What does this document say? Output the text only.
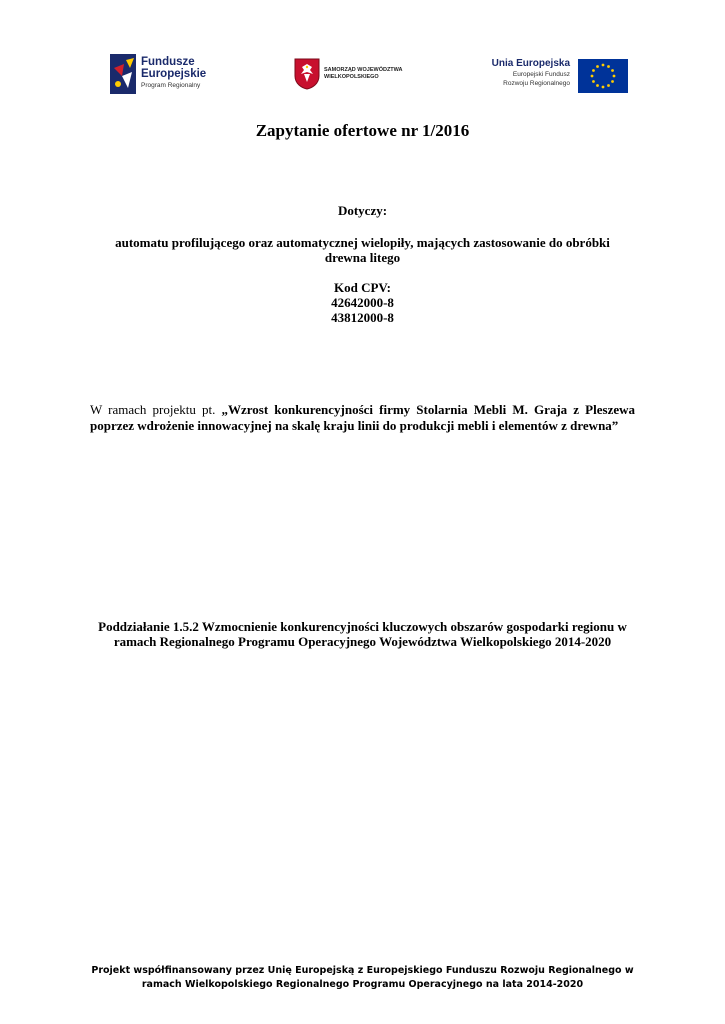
Fundusze
Europejskie
Program Regionalny
SAMORZĄD WOJEWÓDZTWA
WIELKOPOLSKIEGO
Unia Europejska
Europejski Fundusz
Rozwoju Regionalnego
Zapytanie ofertowe nr 1/2016
Dotyczy:
automatu profilującego oraz automatycznej wielopiły, mających zastosowanie do obróbki
drewna litego
Kod CPV:
42642000-8
43812000-8
W ramach projektu pt. „Wzrost konkurencyjności firmy Stolarnia Mebli M. Graja z Pleszewa poprzez wdrożenie innowacyjnej na skalę kraju linii do produkcji mebli i elementów z drewna”
Poddziałanie 1.5.2 Wzmocnienie konkurencyjności kluczowych obszarów gospodarki regionu w
ramach Regionalnego Programu Operacyjnego Województwa Wielkopolskiego 2014-2020
Projekt współfinansowany przez Unię Europejską z Europejskiego Funduszu Rozwoju Regionalnego w
ramach Wielkopolskiego Regionalnego Programu Operacyjnego na lata 2014-2020
